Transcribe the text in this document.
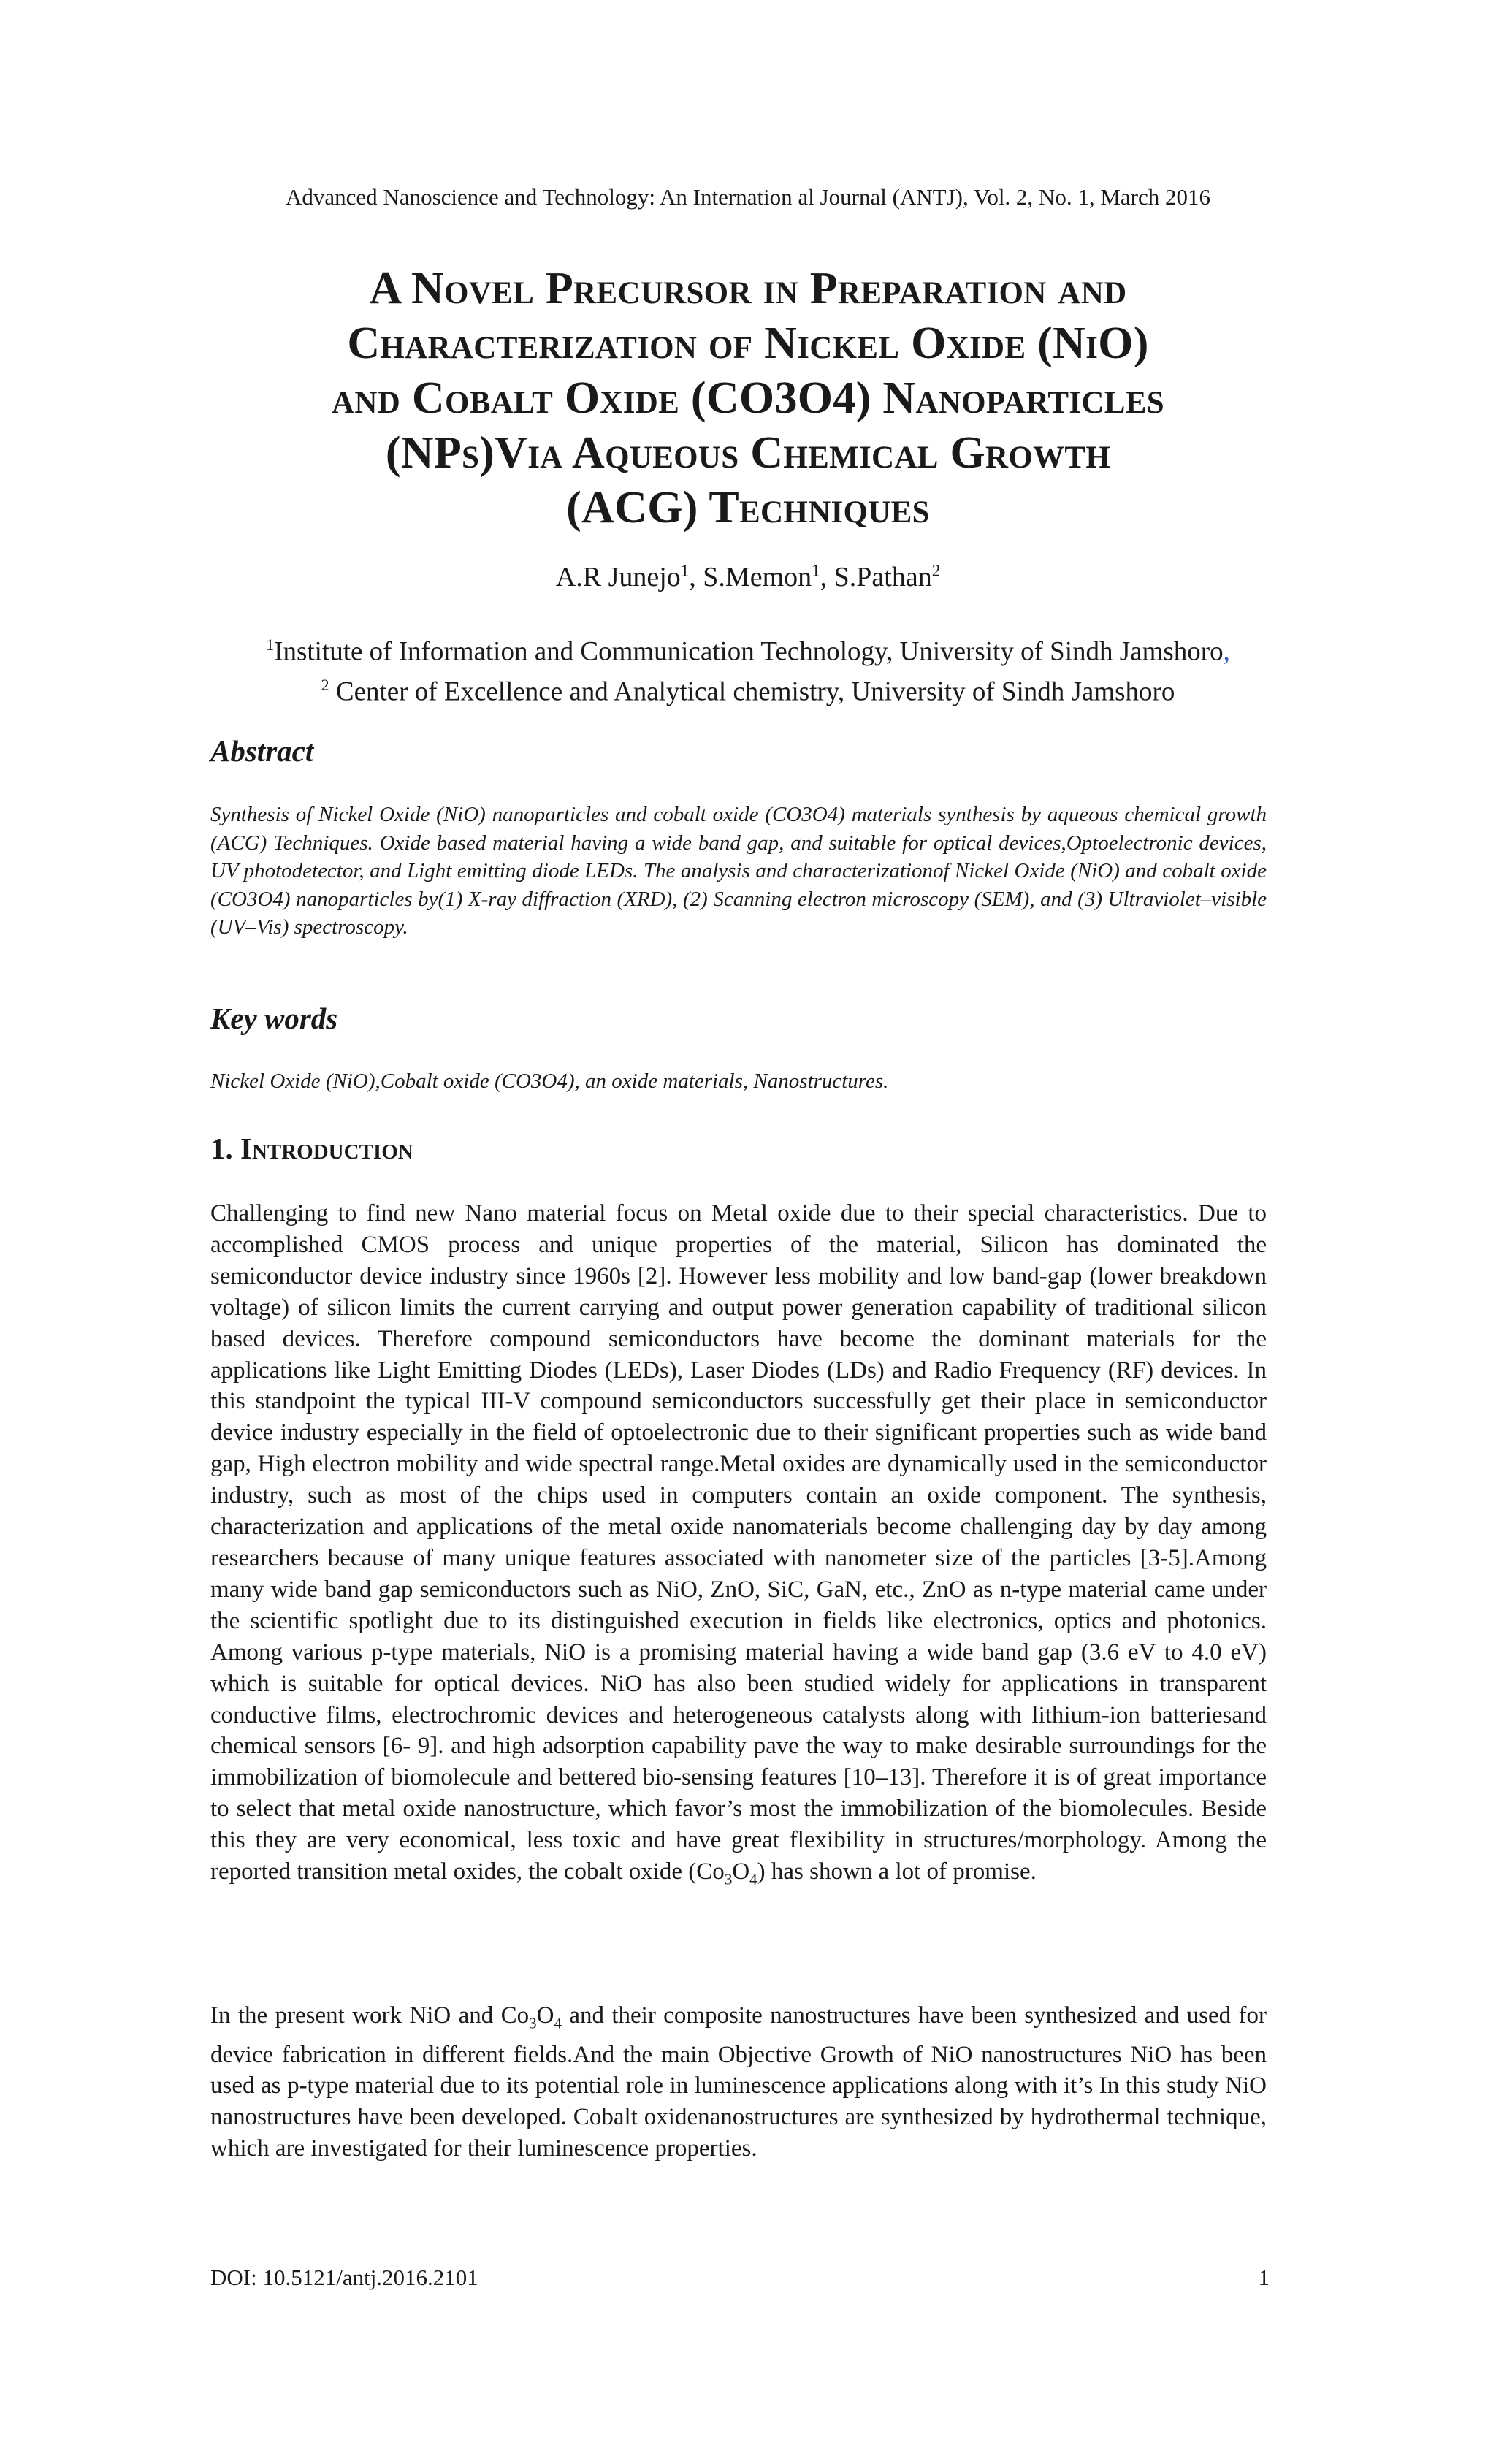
Advanced Nanoscience and Technology: An Internation al Journal (ANTJ), Vol. 2, No. 1, March 2016
A Novel Precursor in Preparation and
Characterization of Nickel Oxide (NiO)
and Cobalt Oxide (CO3O4) Nanoparticles
(NPs)Via Aqueous Chemical Growth
(ACG) Techniques
A.R Junejo$^1$, S.Memon$^1$, S.Pathan$^2$
$^1$Institute of Information and Communication Technology, University of Sindh Jamshoro,
$^2$ Center of Excellence and Analytical chemistry, University of Sindh Jamshoro
Abstract
Synthesis of Nickel Oxide (NiO) nanoparticles and cobalt oxide (CO3O4) materials synthesis by aqueous chemical growth (ACG) Techniques. Oxide based material having a wide band gap, and suitable for optical devices,Optoelectronic devices, UV photodetector, and Light emitting diode LEDs. The analysis and characterizationof Nickel Oxide (NiO) and cobalt oxide (CO3O4) nanoparticles by(1) X-ray diffraction (XRD), (2) Scanning electron microscopy (SEM), and (3) Ultraviolet–visible (UV–Vis) spectroscopy.
Key words
Nickel Oxide (NiO),Cobalt oxide (CO3O4), an oxide materials, Nanostructures.
1. Introduction
Challenging to find new Nano material focus on Metal oxide due to their special characteristics. Due to accomplished CMOS process and unique properties of the material, Silicon has dominated the semiconductor device industry since 1960s [2]. However less mobility and low band-gap (lower breakdown voltage) of silicon limits the current carrying and output power generation capability of traditional silicon based devices. Therefore compound semiconductors have become the dominant materials for the applications like Light Emitting Diodes (LEDs), Laser Diodes (LDs) and Radio Frequency (RF) devices. In this standpoint the typical III-V compound semiconductors successfully get their place in semiconductor device industry especially in the field of optoelectronic due to their significant properties such as wide band gap, High electron mobility and wide spectral range.Metal oxides are dynamically used in the semiconductor industry, such as most of the chips used in computers contain an oxide component. The synthesis, characterization and applications of the metal oxide nanomaterials become challenging day by day among researchers because of many unique features associated with nanometer size of the particles [3-5].Among many wide band gap semiconductors such as NiO, ZnO, SiC, GaN, etc., ZnO as n-type material came under the scientific spotlight due to its distinguished execution in fields like electronics, optics and photonics. Among various p-type materials, NiO is a promising material having a wide band gap (3.6 eV to 4.0 eV) which is suitable for optical devices. NiO has also been studied widely for applications in transparent conductive films, electrochromic devices and heterogeneous catalysts along with lithium-ion batteriesand chemical sensors [6- 9]. and high adsorption capability pave the way to make desirable surroundings for the immobilization of biomolecule and bettered bio-sensing features [10–13]. Therefore it is of great importance to select that metal oxide nanostructure, which favor’s most the immobilization of the biomolecules. Beside this they are very economical, less toxic and have great flexibility in structures/morphology. Among the reported transition metal oxides, the cobalt oxide $(Co_3O_4)$ has shown a lot of promise.
In the present work NiO and $Co_3O_4$ and their composite nanostructures have been synthesized and used for device fabrication in different fields.And the main Objective Growth of NiO nanostructures NiO has been used as p-type material due to its potential role in luminescence applications along with it’s In this study NiO nanostructures have been developed. Cobalt oxidenanostructures are synthesized by hydrothermal technique, which are investigated for their luminescence properties.
DOI: 10.5121/antj.2016.2101	1
